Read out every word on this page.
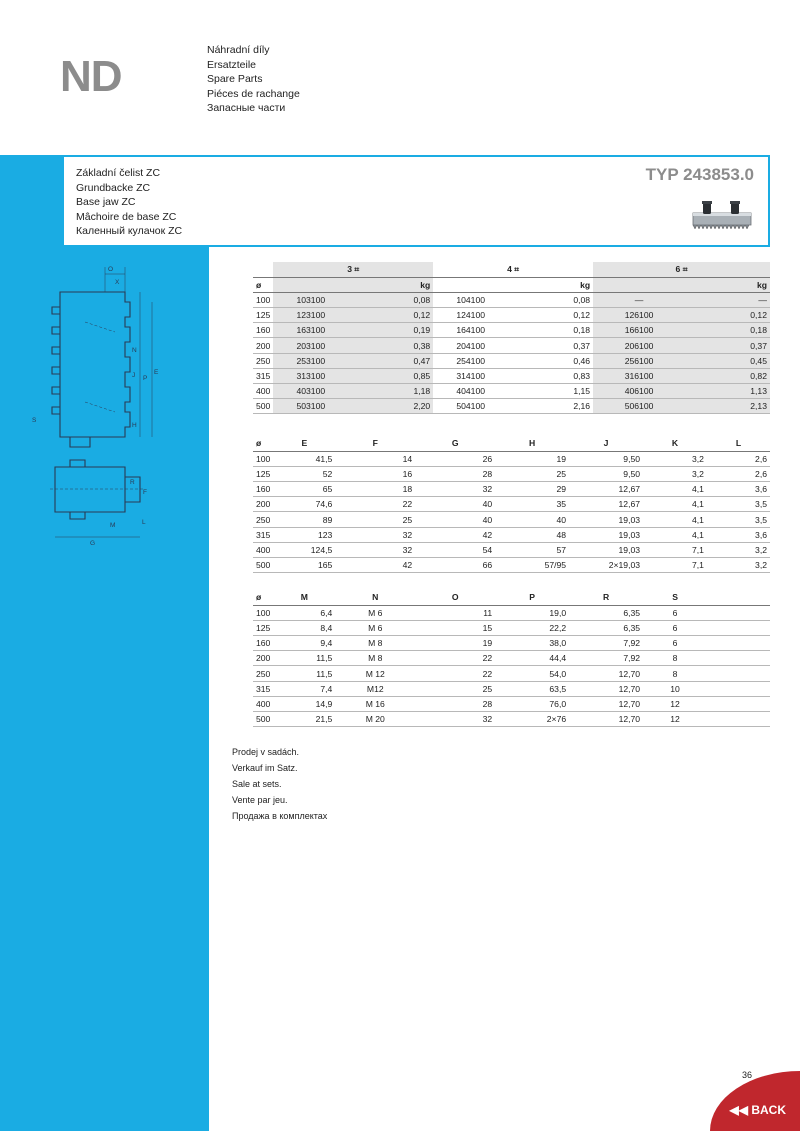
ND
Náhradní díly
Ersatzteile
Spare Parts
Piéces de rachange
Запасные части
Základní čelist ZC
Grundbacke ZC
Base jaw ZC
Mâchoire de base ZC
Каленный кулачок ZC
TYP 243853.0
O
X
N
J P
E
H
S
L
R
F
M
G
	3 ⌗		4 ⌗		6 ⌗	
ø		kg		kg		kg
100	103100	0,08	104100	0,08	—	—
125	123100	0,12	124100	0,12	126100	0,12
160	163100	0,19	164100	0,18	166100	0,18
200	203100	0,38	204100	0,37	206100	0,37
250	253100	0,47	254100	0,46	256100	0,45
315	313100	0,85	314100	0,83	316100	0,82
400	403100	1,18	404100	1,15	406100	1,13
500	503100	2,20	504100	2,16	506100	2,13
ø	E	F	G	H	J	K	L
100	41,5	14	26	19	9,50	3,2	2,6
125	52	16	28	25	9,50	3,2	2,6
160	65	18	32	29	12,67	4,1	3,6
200	74,6	22	40	35	12,67	4,1	3,5
250	89	25	40	40	19,03	4,1	3,5
315	123	32	42	48	19,03	4,1	3,6
400	124,5	32	54	57	19,03	7,1	3,2
500	165	42	66	57/95	2×19,03	7,1	3,2
ø	M	N	O	P	R	S
100	6,4	M 6	11	19,0	6,35	6
125	8,4	M 6	15	22,2	6,35	6
160	9,4	M 8	19	38,0	7,92	6
200	11,5	M 8	22	44,4	7,92	8
250	11,5	M 12	22	54,0	12,70	8
315	7,4	M12	25	63,5	12,70	10
400	14,9	M 16	28	76,0	12,70	12
500	21,5	M 20	32	2×76	12,70	12
Prodej v sadách.
Verkauf im Satz.
Sale at sets.
Vente par jeu.
Продажа в комплектах
36
◀◀ BACK
